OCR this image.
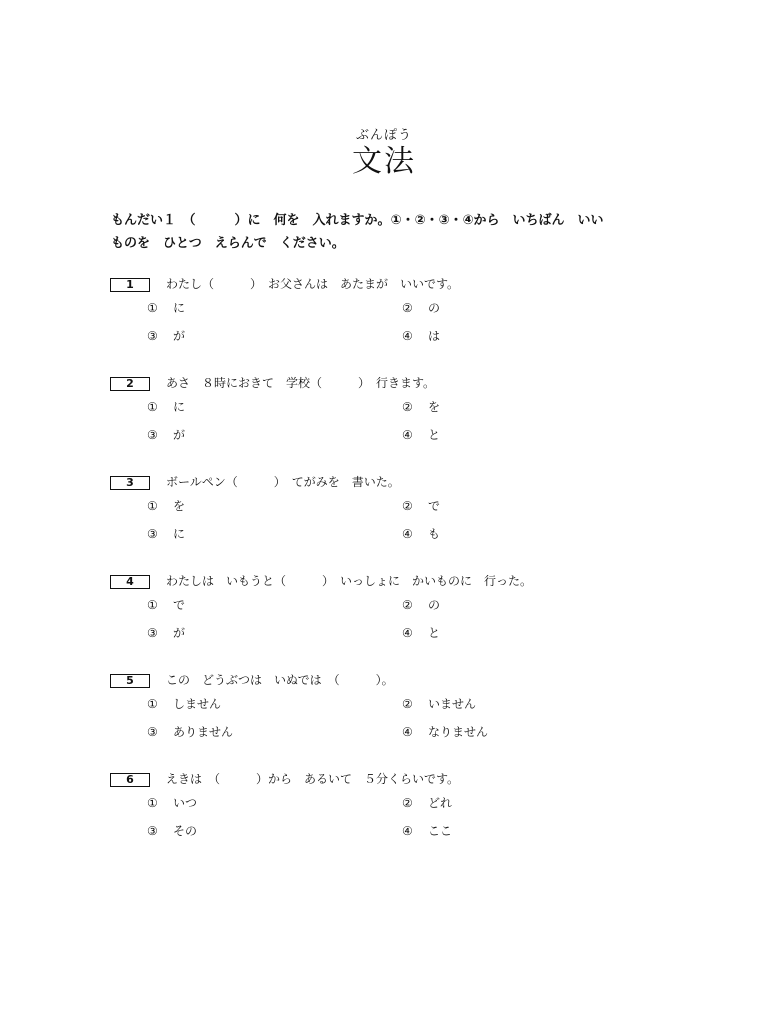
ぶんぽう
文法
もんだい１　（　　　）に　何を　入れますか。①・②・③・④から　いちばん　いい
ものを　ひとつ　えらんで　ください。
1	わたし（　　　）　お父さんは　あたまが　いいです。
① に	② の
③ が	④ は
2	あさ　８時におきて　学校（　　　）　行きます。
① に	② を
③ が	④ と
3	ボールペン（　　　）　てがみを　書いた。
① を	② で
③ に	④ も
4	わたしは　いもうと（　　　）　いっしょに　かいものに　行った。
① で	② の
③ が	④ と
5	この　どうぶつは　いぬでは　（　　　）。
① しません	② いません
③ ありません	④ なりません
6	えきは　（　　　）から　あるいて　５分くらいです。
① いつ	② どれ
③ その	④ ここ
